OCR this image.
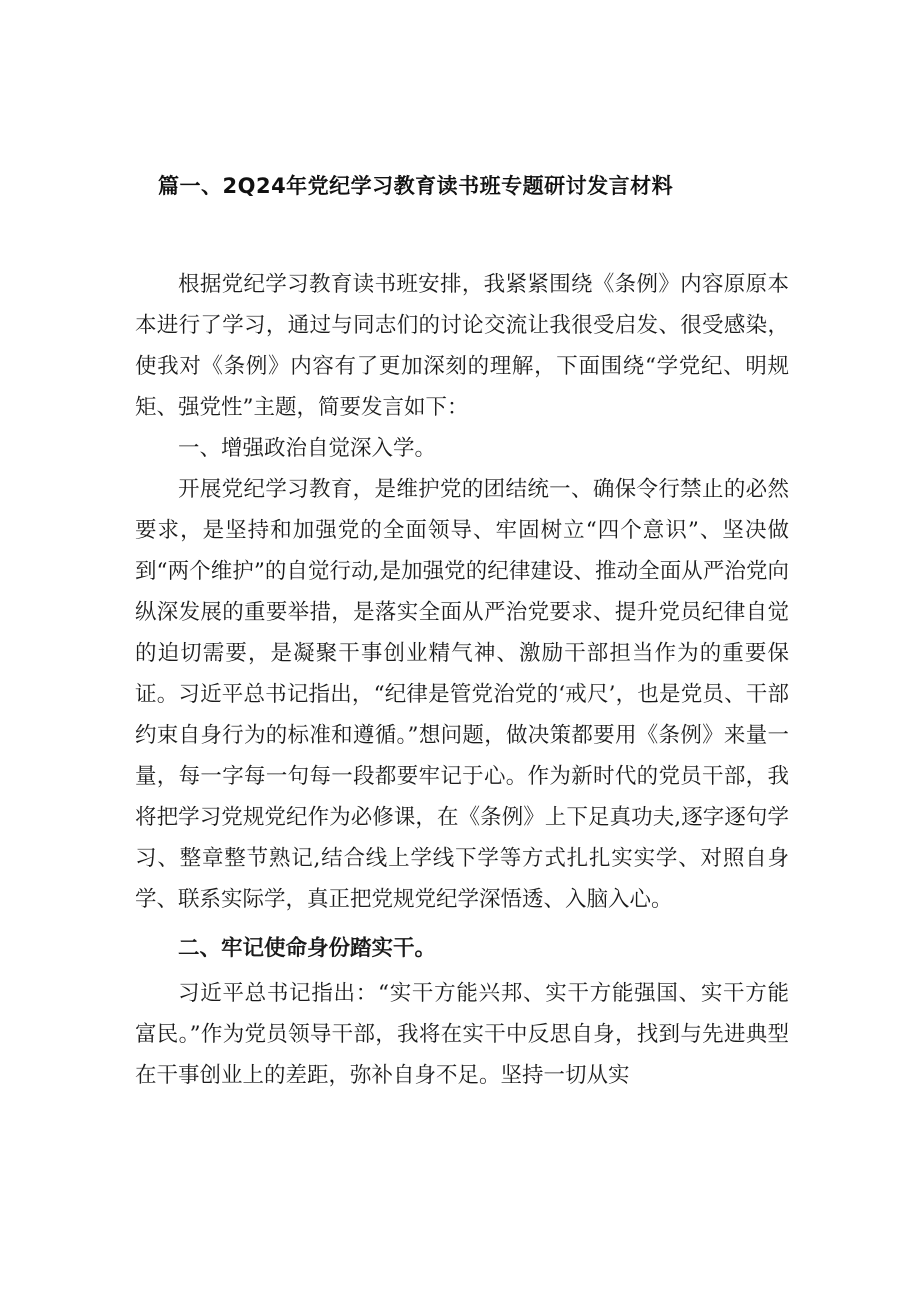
篇一、2Q24年党纪学习教育读书班专题研讨发言材料

根据党纪学习教育读书班安排，我紧紧围绕《条例》内容原原本本进行了学习，通过与同志们的讨论交流让我很受启发、很受感染，使我对《条例》内容有了更加深刻的理解，下面围绕“学党纪、明规矩、强党性”主题，简要发言如下：

一、增强政治自觉深入学。

开展党纪学习教育，是维护党的团结统一、确保令行禁止的必然要求，是坚持和加强党的全面领导、牢固树立“四个意识”、坚决做到“两个维护”的自觉行动,是加强党的纪律建设、推动全面从严治党向纵深发展的重要举措，是落实全面从严治党要求、提升党员纪律自觉的迫切需要，是凝聚干事创业精气神、激励干部担当作为的重要保证。习近平总书记指出，“纪律是管党治党的‘戒尺’，也是党员、干部约束自身行为的标准和遵循。”想问题，做决策都要用《条例》来量一量，每一字每一句每一段都要牢记于心。作为新时代的党员干部，我将把学习党规党纪作为必修课，在《条例》上下足真功夫,逐字逐句学习、整章整节熟记,结合线上学线下学等方式扎扎实实学、对照自身学、联系实际学，真正把党规党纪学深悟透、入脑入心。

二、牢记使命身份踏实干。

习近平总书记指出：“实干方能兴邦、实干方能强国、实干方能富民。”作为党员领导干部，我将在实干中反思自身，找到与先进典型在干事创业上的差距，弥补自身不足。坚持一切从实
